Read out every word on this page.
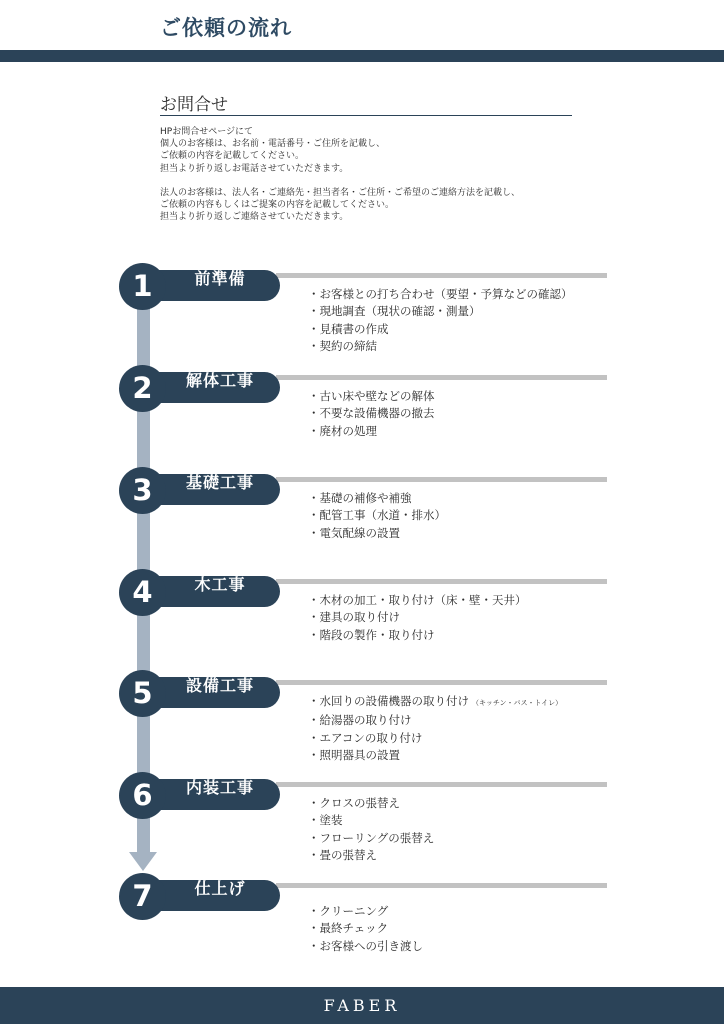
ご依頼の流れ
お問合せ

HPお問合せページにて
個人のお客様は、お名前・電話番号・ご住所を記載し、
ご依頼の内容を記載してください。
担当より折り返しお電話させていただきます。

法人のお客様は、法人名・ご連絡先・担当者名・ご住所・ご希望のご連絡方法を記載し、
ご依頼の内容もしくはご提案の内容を記載してください。
担当より折り返しご連絡させていただきます。

前準備
1	・お客様との打ち合わせ（要望・予算などの確認）
・現地調査（現状の確認・測量）
・見積書の作成
・契約の締結
解体工事
2	・古い床や壁などの解体
・不要な設備機器の撤去
・廃材の処理
基礎工事
3	・基礎の補修や補強
・配管工事（水道・排水）
・電気配線の設置
木工事
4	・木材の加工・取り付け（床・壁・天井）
・建具の取り付け
・階段の製作・取り付け
設備工事
5	・水回りの設備機器の取り付け （キッチン・バス・トイレ）
・給湯器の取り付け
・エアコンの取り付け
・照明器具の設置
内装工事
6	・クロスの張替え
・塗装
・フローリングの張替え
・畳の張替え
仕上げ
7	・クリーニング
・最終チェック
・お客様への引き渡し
FABER
